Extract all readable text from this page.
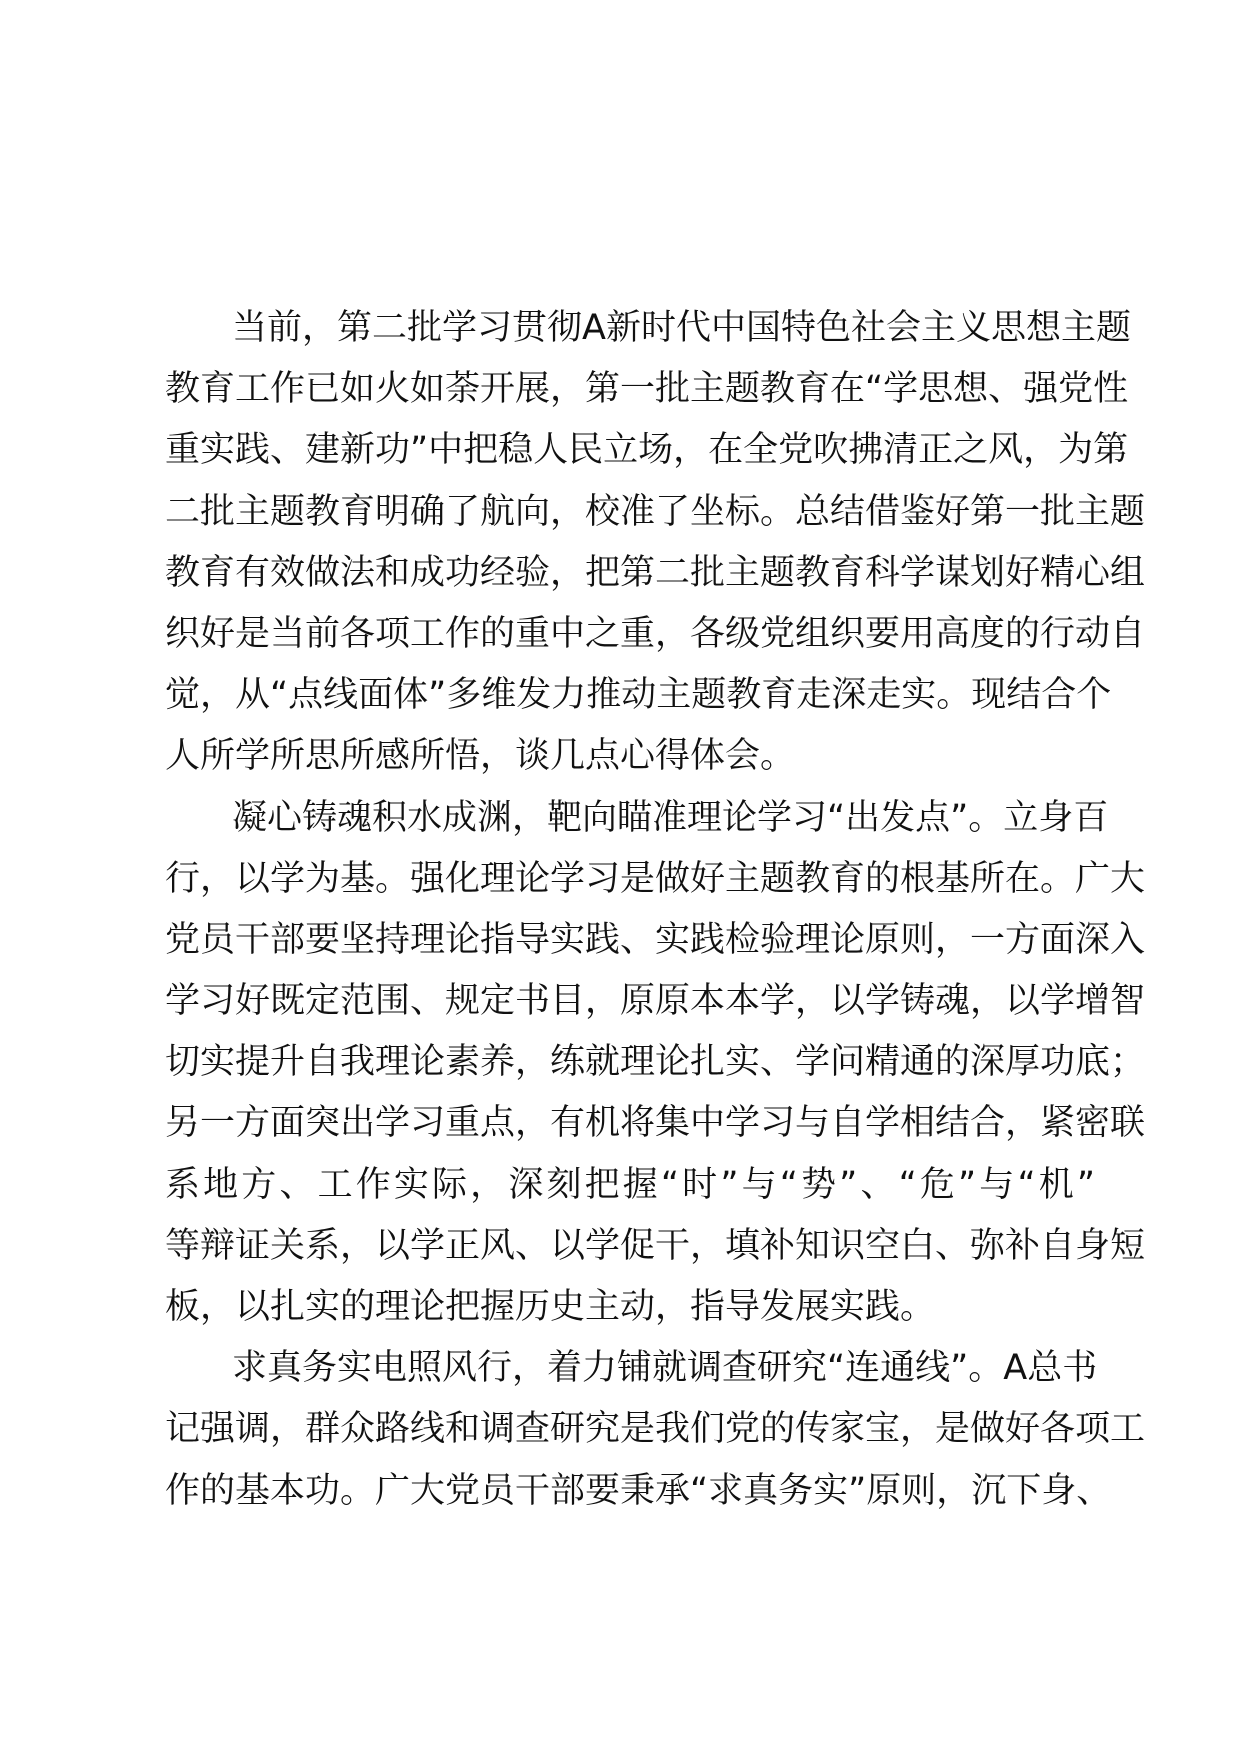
当前，第二批学习贯彻A新时代中国特色社会主义思想主题
教育工作已如火如荼开展，第一批主题教育在“学思想、强党性
重实践、建新功”中把稳人民立场，在全党吹拂清正之风，为第
二批主题教育明确了航向，校准了坐标。总结借鉴好第一批主题
教育有效做法和成功经验，把第二批主题教育科学谋划好精心组
织好是当前各项工作的重中之重，各级党组织要用高度的行动自
觉，从“点线面体”多维发力推动主题教育走深走实。现结合个
人所学所思所感所悟，谈几点心得体会。
凝心铸魂积水成渊，靶向瞄准理论学习“出发点”。立身百
行，以学为基。强化理论学习是做好主题教育的根基所在。广大
党员干部要坚持理论指导实践、实践检验理论原则，一方面深入
学习好既定范围、规定书目，原原本本学，以学铸魂，以学增智
切实提升自我理论素养，练就理论扎实、学问精通的深厚功底；
另一方面突出学习重点，有机将集中学习与自学相结合，紧密联
系地方、工作实际，深刻把握“时”与“势”、“危”与“机”
等辩证关系，以学正风、以学促干，填补知识空白、弥补自身短
板，以扎实的理论把握历史主动，指导发展实践。
求真务实电照风行，着力铺就调查研究“连通线”。A总书
记强调，群众路线和调查研究是我们党的传家宝，是做好各项工
作的基本功。广大党员干部要秉承“求真务实”原则，沉下身、
